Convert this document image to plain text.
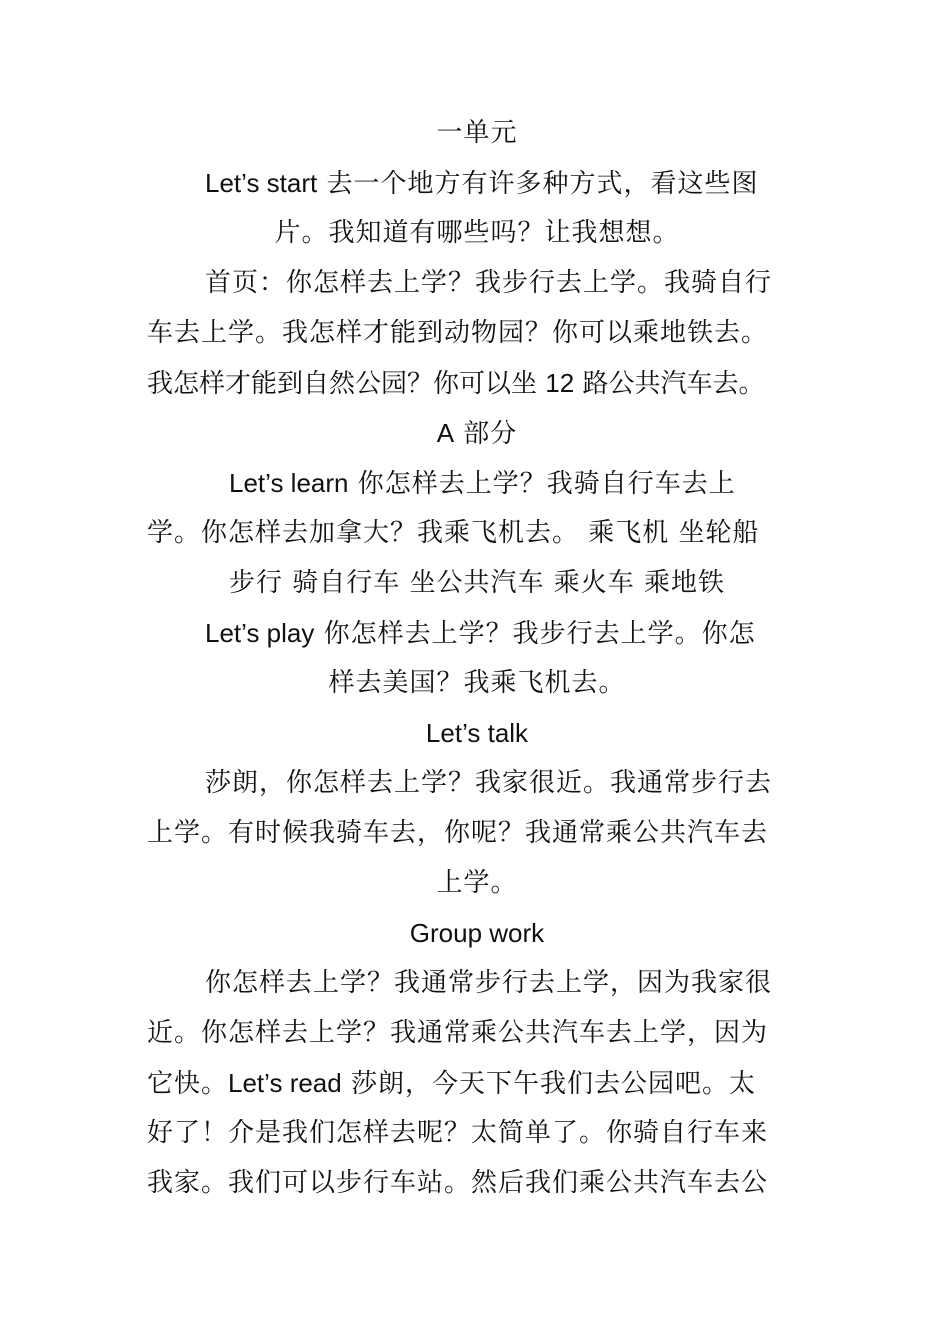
一单元
Let’s start 去一个地方有许多种方式，看这些图
片。我知道有哪些吗？让我想想。
首页：你怎样去上学？我步行去上学。我骑自行
车去上学。我怎样才能到动物园？你可以乘地铁去。
我怎样才能到自然公园？你可以坐 12 路公共汽车去。
A 部分
Let’s learn 你怎样去上学？我骑自行车去上
学。你怎样去加拿大？我乘飞机去。 乘飞机 坐轮船
步行 骑自行车 坐公共汽车 乘火车 乘地铁
Let’s play 你怎样去上学？我步行去上学。你怎
样去美国？我乘飞机去。
Let’s talk
莎朗，你怎样去上学？我家很近。我通常步行去
上学。有时候我骑车去，你呢？我通常乘公共汽车去
上学。
Group work
你怎样去上学？我通常步行去上学，因为我家很
近。你怎样去上学？我通常乘公共汽车去上学，因为
它快。Let’s read 莎朗，今天下午我们去公园吧。太
好了！介是我们怎样去呢？太简单了。你骑自行车来
我家。我们可以步行车站。然后我们乘公共汽车去公
